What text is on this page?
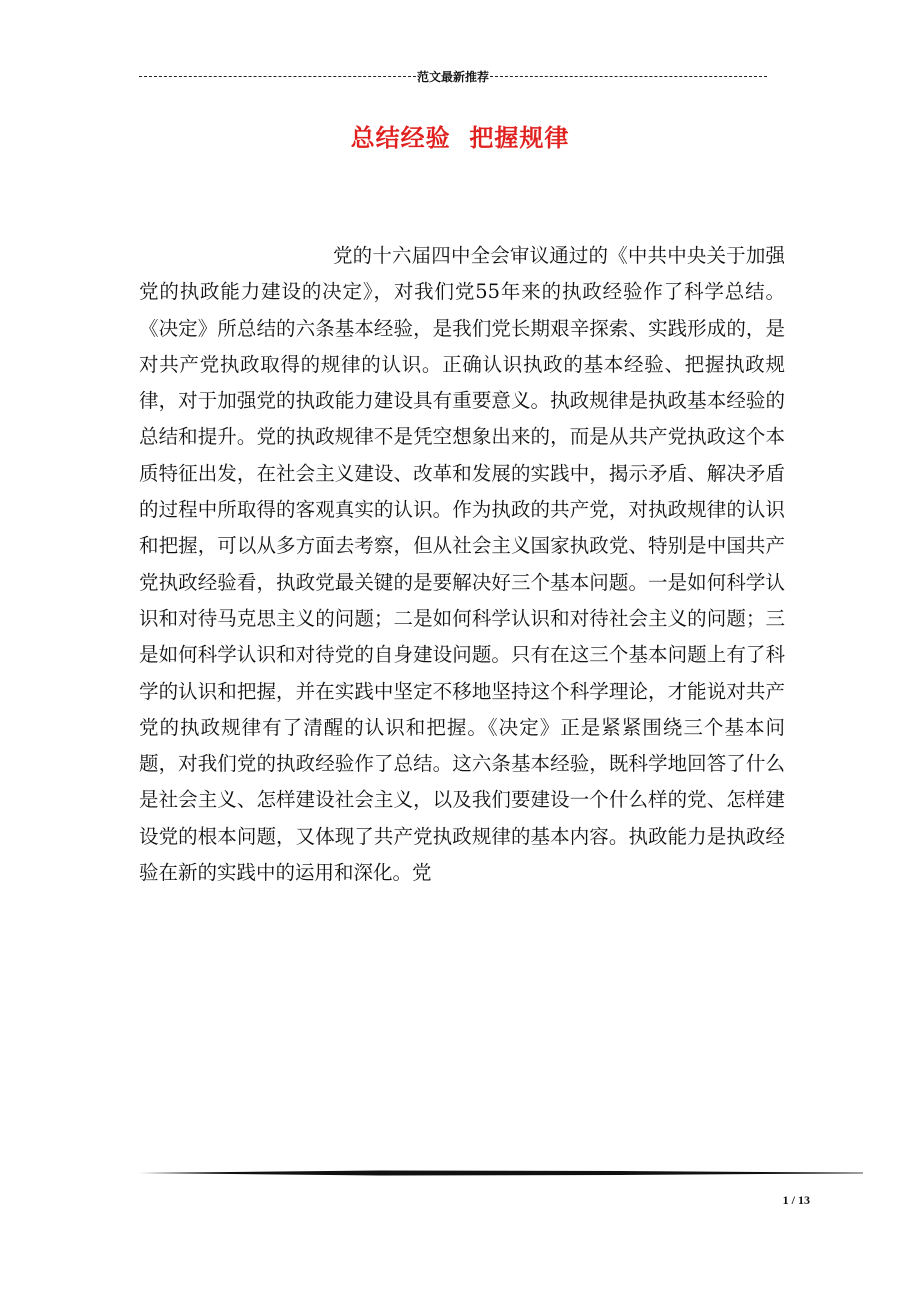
范文最新推荐
总结经验  把握规律

党的十六届四中全会审议通过的《中共中央关于加强党的执政能力建设的决定》，对我们党55年来的执政经验作了科学总结。《决定》所总结的六条基本经验，是我们党长期艰辛探索、实践形成的，是对共产党执政取得的规律的认识。正确认识执政的基本经验、把握执政规律，对于加强党的执政能力建设具有重要意义。执政规律是执政基本经验的总结和提升。党的执政规律不是凭空想象出来的，而是从共产党执政这个本质特征出发，在社会主义建设、改革和发展的实践中，揭示矛盾、解决矛盾的过程中所取得的客观真实的认识。作为执政的共产党，对执政规律的认识和把握，可以从多方面去考察，但从社会主义国家执政党、特别是中国共产党执政经验看，执政党最关键的是要解决好三个基本问题。一是如何科学认识和对待马克思主义的问题；二是如何科学认识和对待社会主义的问题；三是如何科学认识和对待党的自身建设问题。只有在这三个基本问题上有了科学的认识和把握，并在实践中坚定不移地坚持这个科学理论，才能说对共产党的执政规律有了清醒的认识和把握。《决定》正是紧紧围绕三个基本问题，对我们党的执政经验作了总结。这六条基本经验，既科学地回答了什么是社会主义、怎样建设社会主义，以及我们要建设一个什么样的党、怎样建设党的根本问题，又体现了共产党执政规律的基本内容。执政能力是执政经验在新的实践中的运用和深化。党

1 / 13
